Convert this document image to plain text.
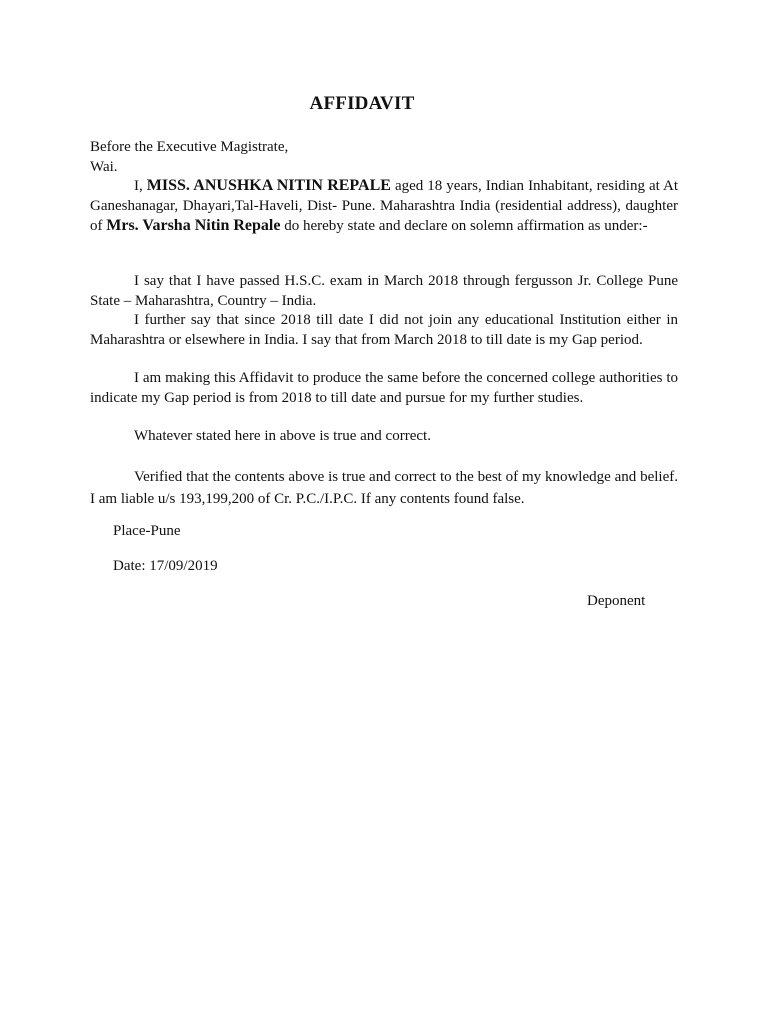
AFFIDAVIT
Before the Executive Magistrate,
Wai.
I, MISS. ANUSHKA NITIN REPALE aged 18 years, Indian Inhabitant, residing at At Ganeshanagar, Dhayari,Tal-Haveli, Dist- Pune. Maharashtra India (residential address), daughter of Mrs. Varsha Nitin Repale do hereby state and declare on solemn affirmation as under:-
I say that I have passed H.S.C. exam in March 2018 through fergusson Jr. College Pune State – Maharashtra, Country – India.
I further say that since 2018 till date I did not join any educational Institution either in Maharashtra or elsewhere in India. I say that from March 2018 to till date is my Gap period.
I am making this Affidavit to produce the same before the concerned college authorities to indicate my Gap period is from 2018 to till date and pursue for my further studies.
Whatever stated here in above is true and correct.
Verified that the contents above is true and correct to the best of my knowledge and belief. I am liable u/s 193,199,200 of Cr. P.C./I.P.C. If any contents found false.
Place-Pune
Date: 17/09/2019
Deponent
